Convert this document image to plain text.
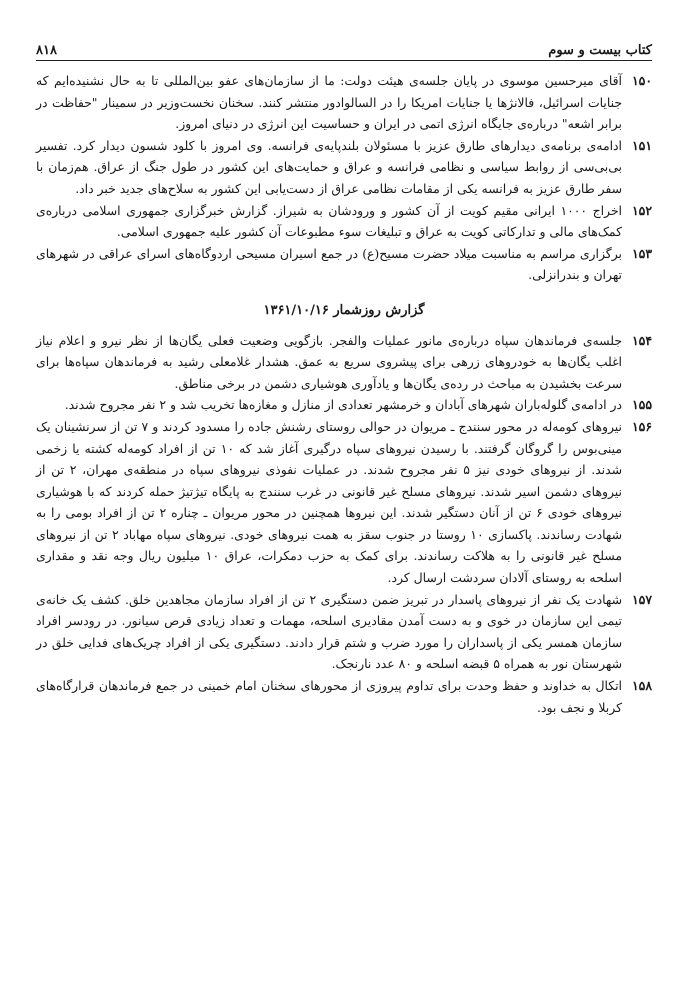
کتاب بیست و سوم
۸۱۸
۱۵۰
آقای میرحسین موسوی در پایان جلسه‌ی هیئت دولت: ما از سازمان‌های عفو بین‌المللی تا به حال نشنیده‌ایم که جنایات اسرائیل، فالانژها یا جنایات امریکا را در السالوادور منتشر کنند. سخنان نخست‌وزیر در سمینار "حفاظت در برابر اشعه" درباره‌ی جایگاه انرژی اتمی در ایران و حساسیت این انرژی در دنیای امروز.
۱۵۱
ادامه‌ی برنامه‌ی دیدارهای طارق عزیز با مسئولان بلندپایه‌ی فرانسه. وی امروز با کلود شسون دیدار کرد. تفسیر بی‌بی‌سی از روابط سیاسی و نظامی فرانسه و عراق و حمایت‌های این کشور در طول جنگ از عراق. هم‌زمان با سفر طارق عزیز به فرانسه یکی از مقامات نظامی عراق از دست‌یابی این کشور به سلاح‌های جدید خبر داد.
۱۵۲
اخراج ۱۰۰۰ ایرانی مقیم کویت از آن کشور و ورودشان به شیراز. گزارش خبرگزاری جمهوری اسلامی درباره‌ی کمک‌های مالی و تدارکاتی کویت به عراق و تبلیغات سوء مطبوعات آن کشور علیه جمهوری اسلامی.
۱۵۳
برگزاری مراسم به مناسبت میلاد حضرت مسیح(ع) در جمع اسیران مسیحی اردوگاه‌های اسرای عراقی در شهرهای تهران و بندرانزلی.
گزارش روزشمار ۱۳۶۱/۱۰/۱۶
۱۵۴
جلسه‌ی فرماندهان سپاه درباره‌ی مانور عملیات والفجر. بازگویی وضعیت فعلی یگان‌ها از نظر نیرو و اعلام نیاز اغلب یگان‌ها به خودروهای زرهی برای پیشروی سریع به عمق. هشدار غلامعلی رشید به فرماندهان سپاه‌ها برای سرعت بخشیدن به مباحث در رده‌ی یگان‌ها و یادآوری هوشیاری دشمن در برخی مناطق.
۱۵۵
در ادامه‌ی گلوله‌باران شهرهای آبادان و خرمشهر تعدادی از منازل و مغازه‌ها تخریب شد و ۲ نفر مجروح شدند.
۱۵۶
نیروهای کومه‌له در محور سنندج ـ مریوان در حوالی روستای رشنش جاده را مسدود کردند و ۷ تن از سرنشینان یک مینی‌بوس را گروگان گرفتند. با رسیدن نیروهای سپاه درگیری آغاز شد که ۱۰ تن از افراد کومه‌له کشته یا زخمی شدند. از نیروهای خودی نیز ۵ نفر مجروح شدند. در عملیات نفوذی نیروهای سپاه در منطقه‌ی مهران، ۲ تن از نیروهای دشمن اسیر شدند. نیروهای مسلح غیر قانونی در غرب سنندج به پایگاه تیژتیژ حمله کردند که با هوشیاری نیروهای خودی ۶ تن از آنان دستگیر شدند. این نیروها همچنین در محور مریوان ـ چناره ۲ تن از افراد بومی را به شهادت رساندند. پاکسازی ۱۰ روستا در جنوب سقز به همت نیروهای خودی. نیروهای سپاه مهاباد ۲ تن از نیروهای مسلح غیر قانونی را به هلاکت رساندند. برای کمک به حزب دمکرات، عراق ۱۰ میلیون ریال وجه نقد و مقداری اسلحه به روستای آلادان سردشت ارسال کرد.
۱۵۷
شهادت یک نفر از نیروهای پاسدار در تبریز ضمن دستگیری ۲ تن از افراد سازمان مجاهدین خلق. کشف یک خانه‌ی تیمی این سازمان در خوی و به دست آمدن مقادیری اسلحه، مهمات و تعداد زیادی قرص سیانور. در رودسر افراد سازمان همسر یکی از پاسداران را مورد ضرب و شتم قرار دادند. دستگیری یکی از افراد چریک‌های فدایی خلق در شهرستان نور به همراه ۵ قبضه اسلحه و ۸۰ عدد نارنجک.
۱۵۸
اتکال به خداوند و حفظ وحدت برای تداوم پیروزی از محورهای سخنان امام خمینی در جمع فرماندهان قرارگاه‌های کربلا و نجف بود.
